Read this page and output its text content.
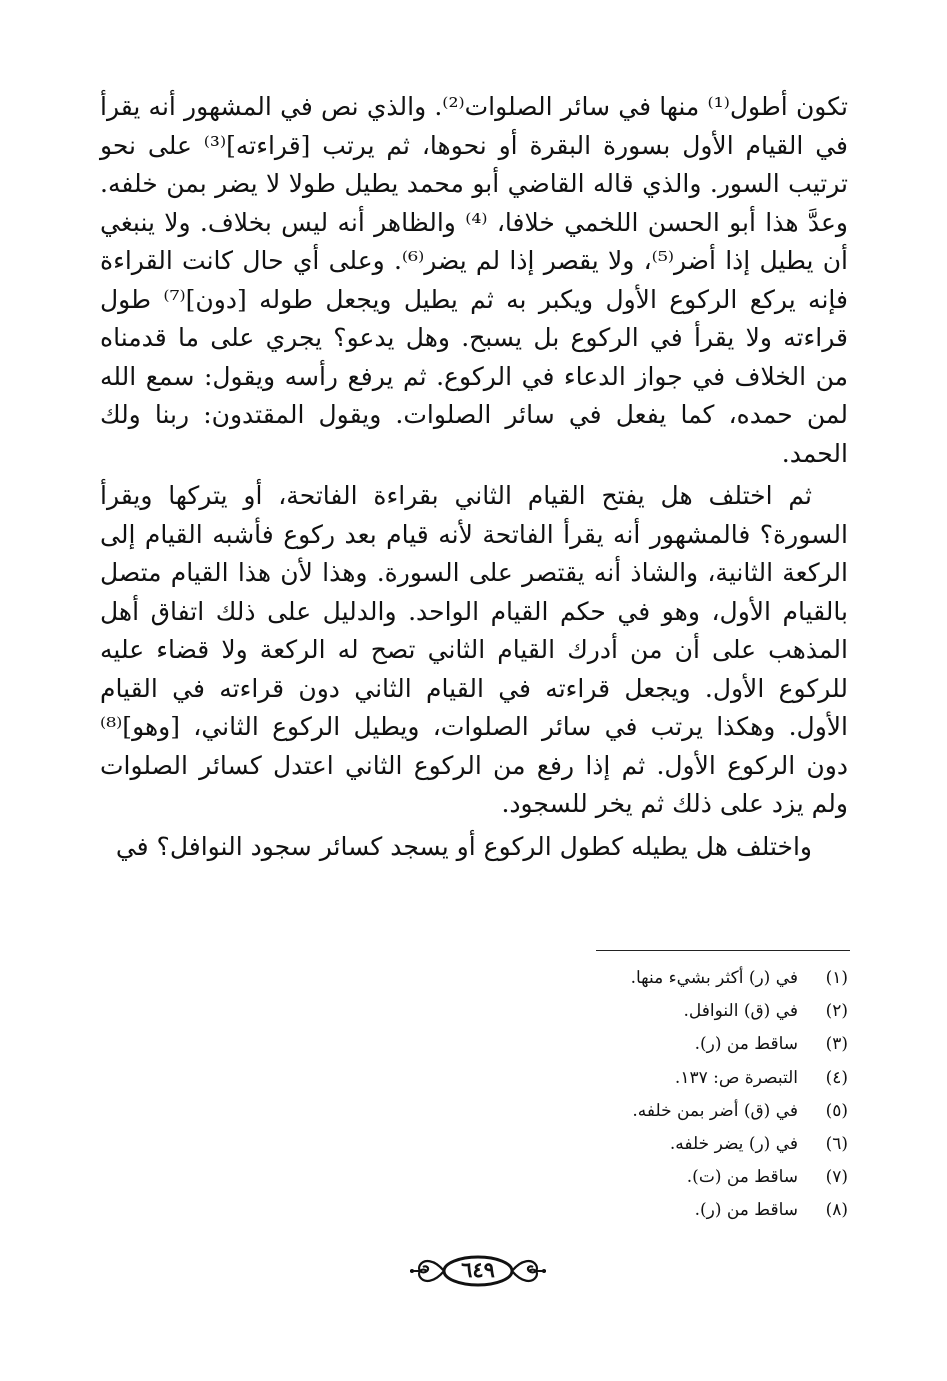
تكون أطول⁽¹⁾ منها في سائر الصلوات⁽²⁾. والذي نص في المشهور أنه يقرأ في القيام الأول بسورة البقرة أو نحوها، ثم يرتب [قراءته]⁽³⁾ على نحو ترتيب السور. والذي قاله القاضي أبو محمد يطيل طولا لا يضر بمن خلفه. وعدَّ هذا أبو الحسن اللخمي خلافا، ⁽⁴⁾ والظاهر أنه ليس بخلاف. ولا ينبغي أن يطيل إذا أضر⁽⁵⁾، ولا يقصر إذا لم يضر⁽⁶⁾. وعلى أي حال كانت القراءة فإنه يركع الركوع الأول ويكبر به ثم يطيل ويجعل طوله [دون]⁽⁷⁾ طول قراءته ولا يقرأ في الركوع بل يسبح. وهل يدعو؟ يجري على ما قدمناه من الخلاف في جواز الدعاء في الركوع. ثم يرفع رأسه ويقول: سمع الله لمن حمده، كما يفعل في سائر الصلوات. ويقول المقتدون: ربنا ولك الحمد.

ثم اختلف هل يفتح القيام الثاني بقراءة الفاتحة، أو يتركها ويقرأ السورة؟ فالمشهور أنه يقرأ الفاتحة لأنه قيام بعد ركوع فأشبه القيام إلى الركعة الثانية، والشاذ أنه يقتصر على السورة. وهذا لأن هذا القيام متصل بالقيام الأول، وهو في حكم القيام الواحد. والدليل على ذلك اتفاق أهل المذهب على أن من أدرك القيام الثاني تصح له الركعة ولا قضاء عليه للركوع الأول. ويجعل قراءته في القيام الثاني دون قراءته في القيام الأول. وهكذا يرتب في سائر الصلوات، ويطيل الركوع الثاني، [وهو]⁽⁸⁾ دون الركوع الأول. ثم إذا رفع من الركوع الثاني اعتدل كسائر الصلوات ولم يزد على ذلك ثم يخر للسجود.

واختلف هل يطيله كطول الركوع أو يسجد كسائر سجود النوافل؟ في

(١)
في (ر) أكثر بشيء منها.
(٢)
في (ق) النوافل.
(٣)
ساقط من (ر).
(٤)
التبصرة ص: ١٣٧.
(٥)
في (ق) أضر بمن خلفه.
(٦)
في (ر) يضر خلفه.
(٧)
ساقط من (ت).
(٨)
ساقط من (ر).
٦٤٩
